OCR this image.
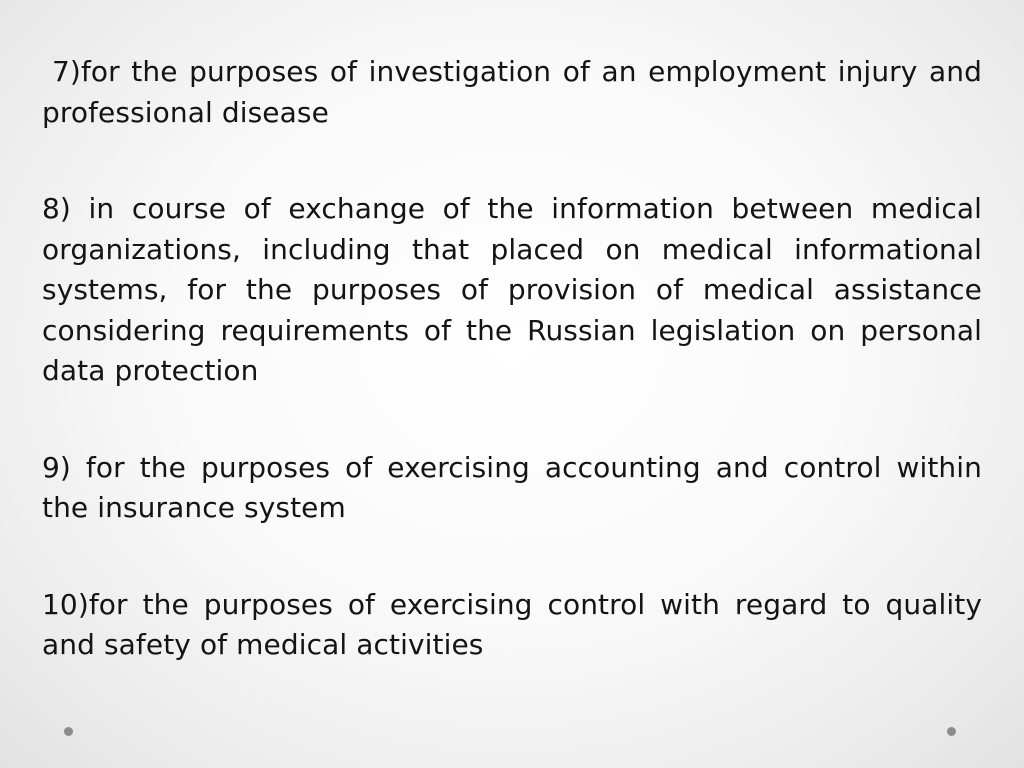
7)for the purposes of investigation of an employment injury and professional disease

8) in course of exchange of the information between medical organizations, including that placed on medical informational systems, for the purposes of provision of medical assistance considering requirements of the Russian legislation on personal data protection

9) for the purposes of exercising accounting and control within the insurance system

10)for the purposes of exercising control with regard to quality and safety of medical activities
